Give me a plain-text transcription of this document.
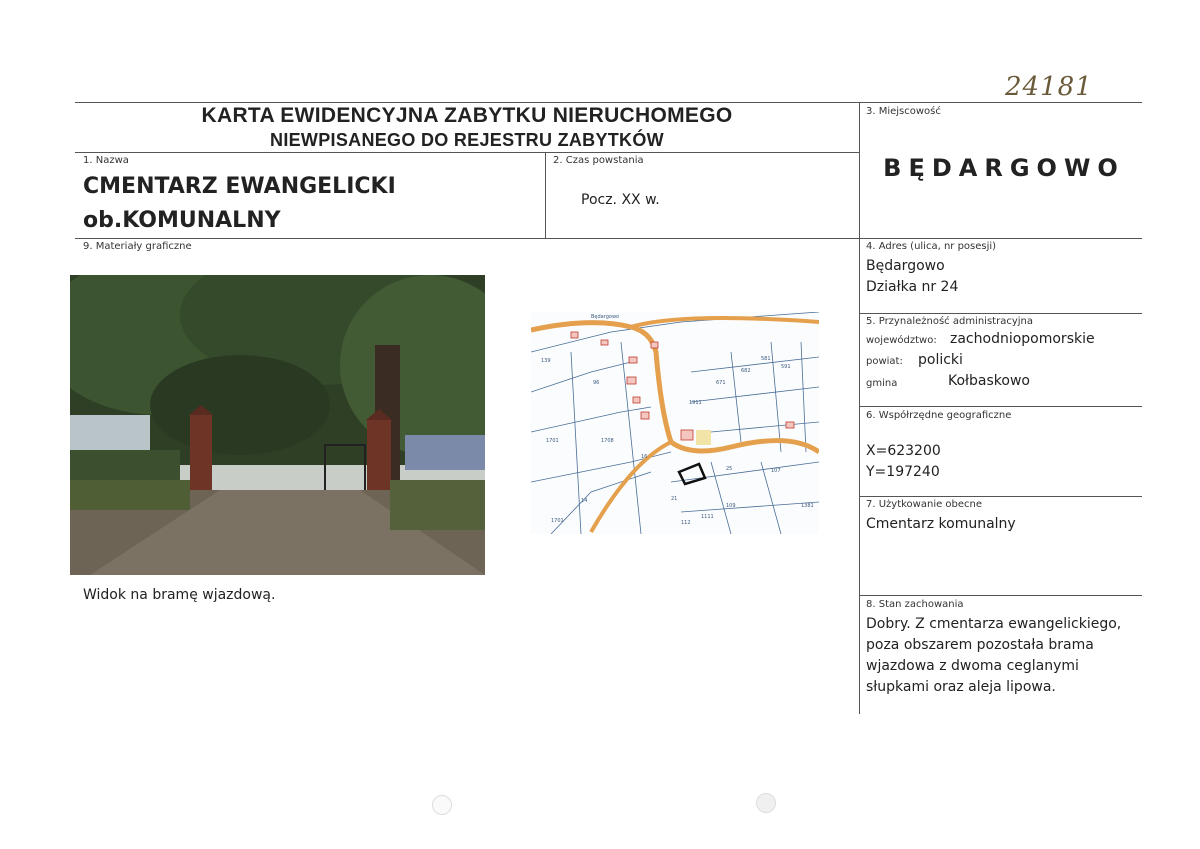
24181
KARTA EWIDENCYJNA ZABYTKU NIERUCHOMEGO
NIEWPISANEGO DO REJESTRU ZABYTKÓW
1. Nazwa
CMENTARZ EWANGELICKI
ob.KOMUNALNY
2. Czas powstania
Pocz. XX w.
3. Miejscowość
BĘDARGOWO
9. Materiały graficzne
Widok na bramę wjazdową.
Będargowo
139
96
1701	1708
16
14	21
25	107
109
112
1111
1381
1701
1911
671
682
581
591
4. Adres (ulica, nr posesji)
Będargowo
Działka nr 24
5. Przynależność administracyjna
województwo: zachodniopomorskie
powiat: policki
gmina	Kołbaskowo
6. Współrzędne geograficzne
X=623200
Y=197240
7. Użytkowanie obecne
Cmentarz komunalny
8. Stan zachowania
Dobry. Z cmentarza ewangelickiego,
poza obszarem pozostała brama
wjazdowa z dwoma ceglanymi
słupkami oraz aleja lipowa.
